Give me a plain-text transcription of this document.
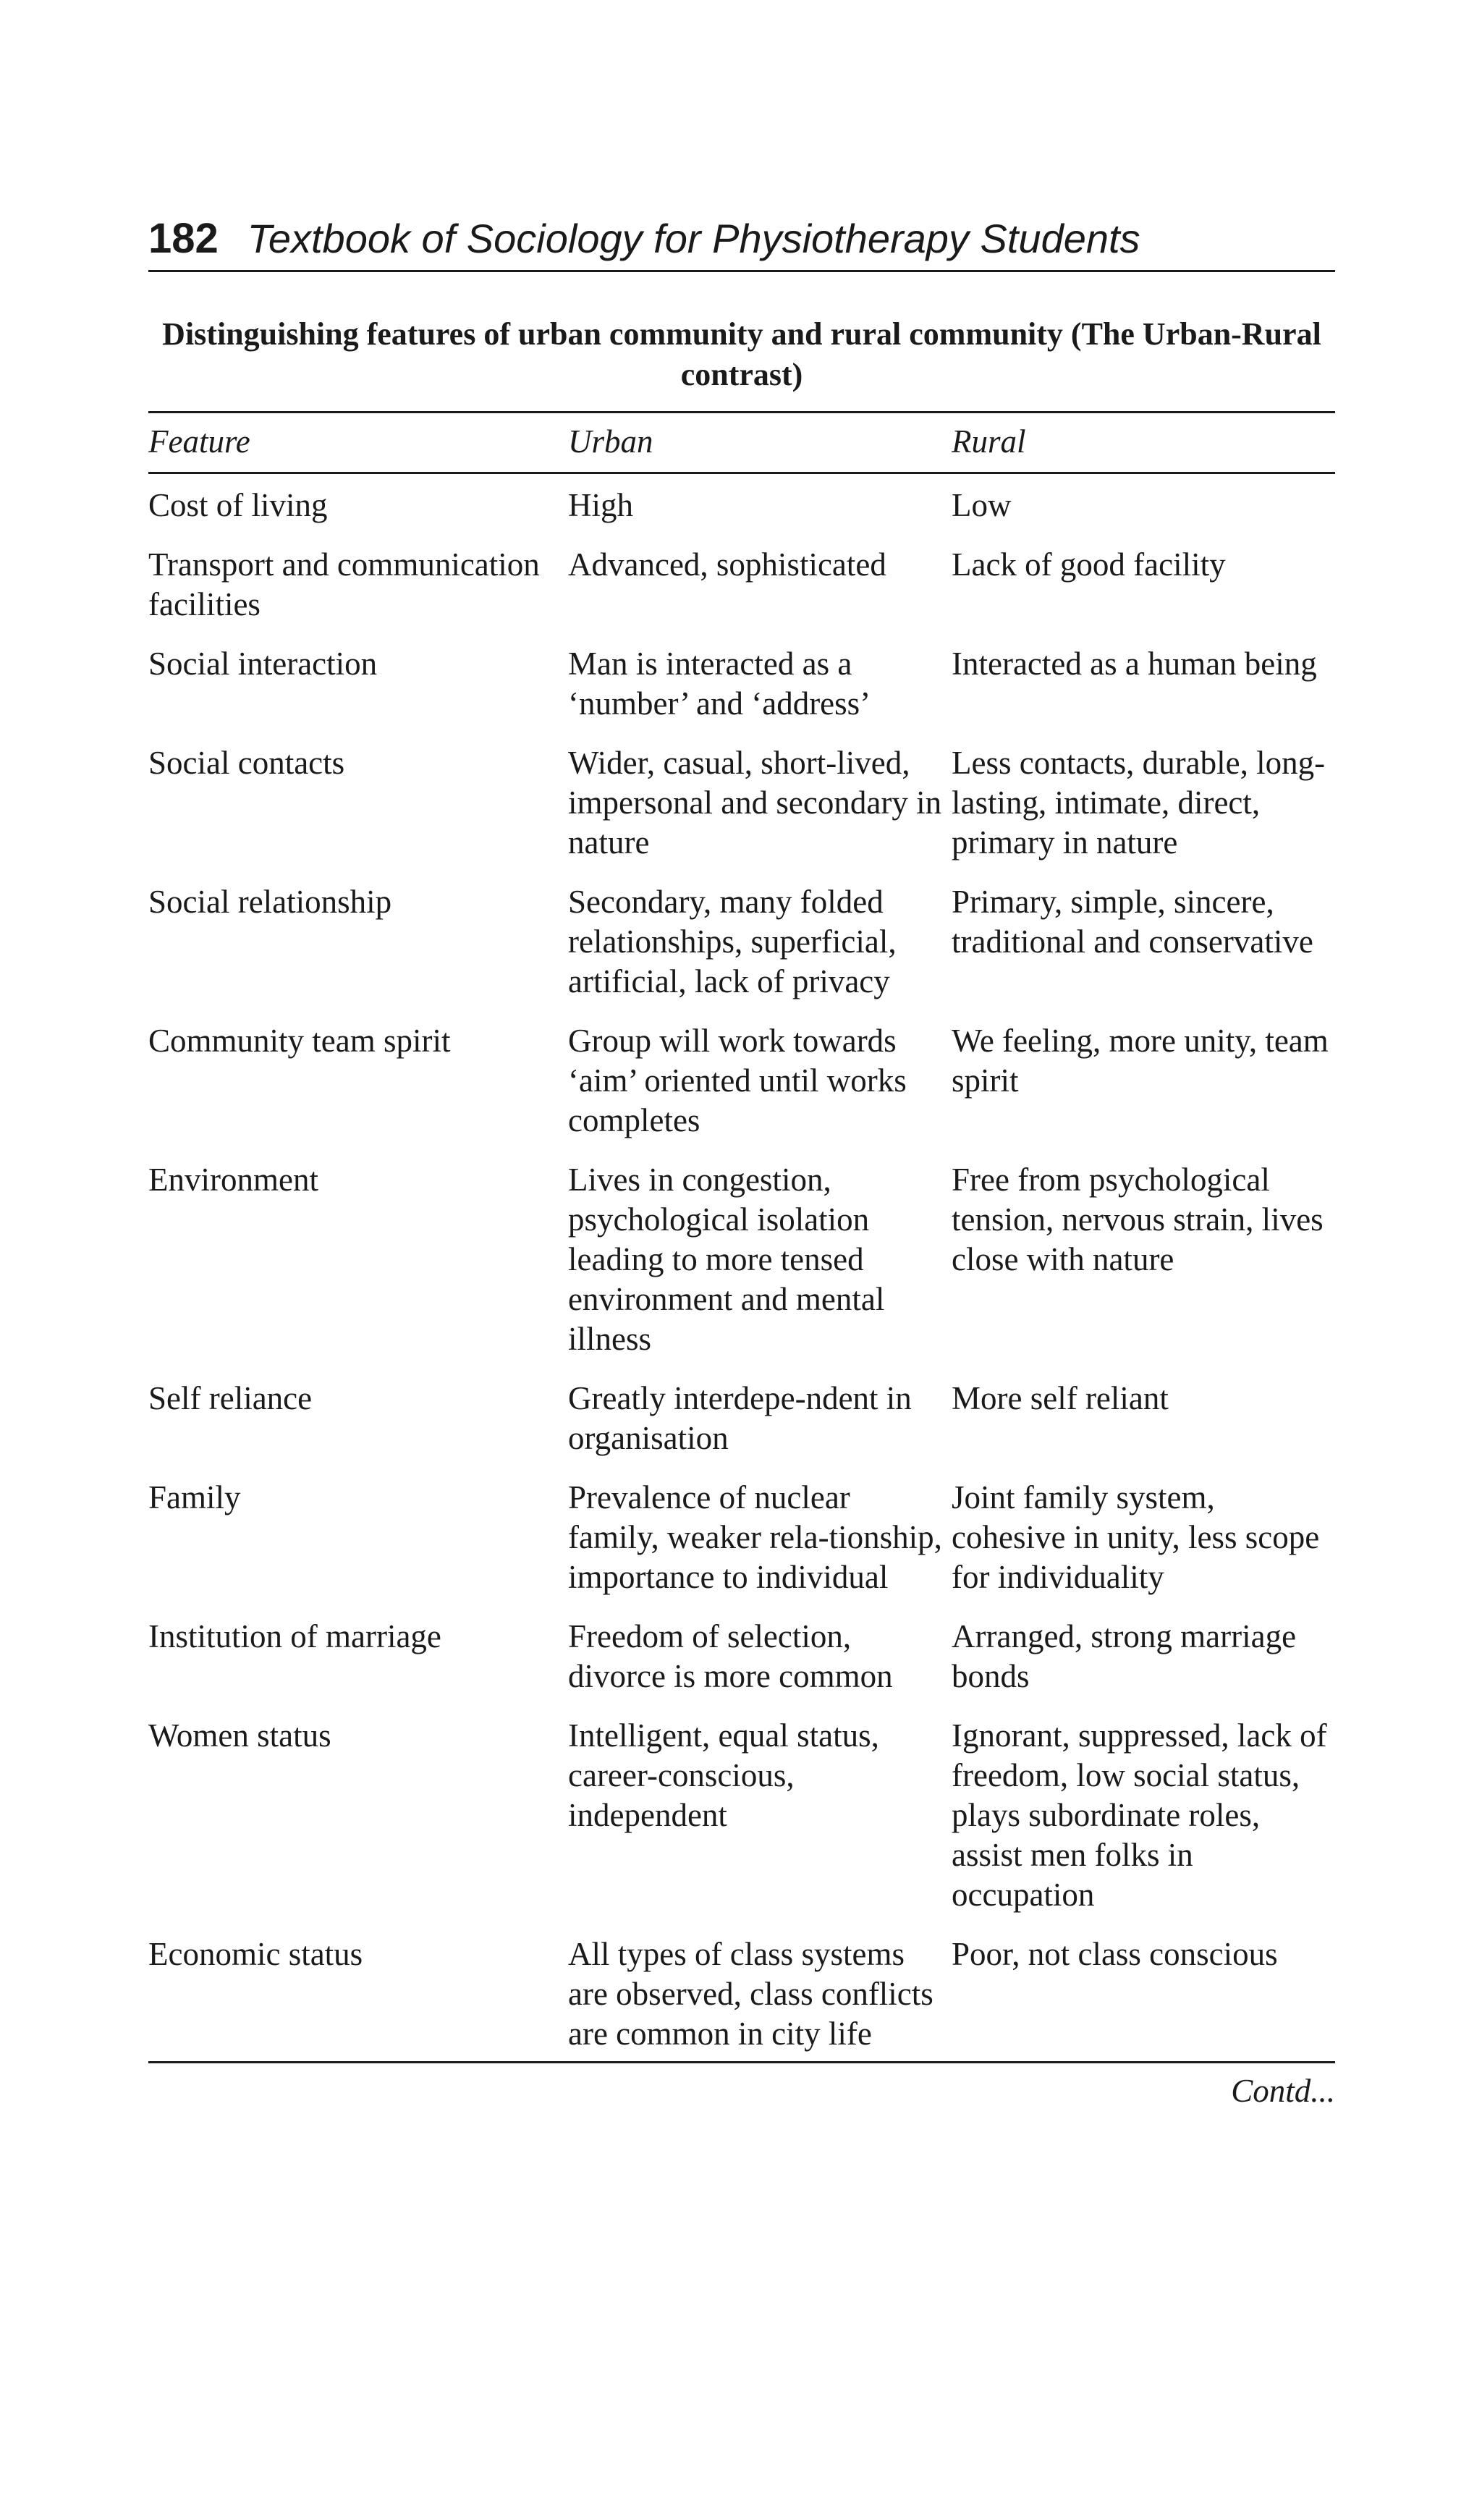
182 Textbook of Sociology for Physiotherapy Students
Distinguishing features of urban community and rural community (The Urban-Rural contrast)
Feature	Urban	Rural
Cost of living	High	Low
Transport and communication facilities	Advanced, sophisticated	Lack of good facility
Social interaction	Man is interacted as a ‘number’ and ‘address’	Interacted as a human being
Social contacts	Wider, casual, short-lived, impersonal and secondary in nature	Less contacts, durable, long-lasting, intimate, direct, primary in nature
Social relationship	Secondary, many folded relationships, superficial, artificial, lack of privacy	Primary, simple, sincere, traditional and conservative
Community team spirit	Group will work towards ‘aim’ oriented until works completes	We feeling, more unity, team spirit
Environment	Lives in congestion, psychological isolation leading to more tensed environment and mental illness	Free from psychological tension, nervous strain, lives close with nature
Self reliance	Greatly interdepe-ndent in organisation	More self reliant
Family	Prevalence of nuclear family, weaker rela-tionship, importance to individual	Joint family system, cohesive in unity, less scope for individuality
Institution of marriage	Freedom of selection, divorce is more common	Arranged, strong marriage bonds
Women status	Intelligent, equal status, career-conscious, independent	Ignorant, suppressed, lack of freedom, low social status, plays subordinate roles, assist men folks in occupation
Economic status	All types of class systems are observed, class conflicts are common in city life	Poor, not class conscious
Contd...
